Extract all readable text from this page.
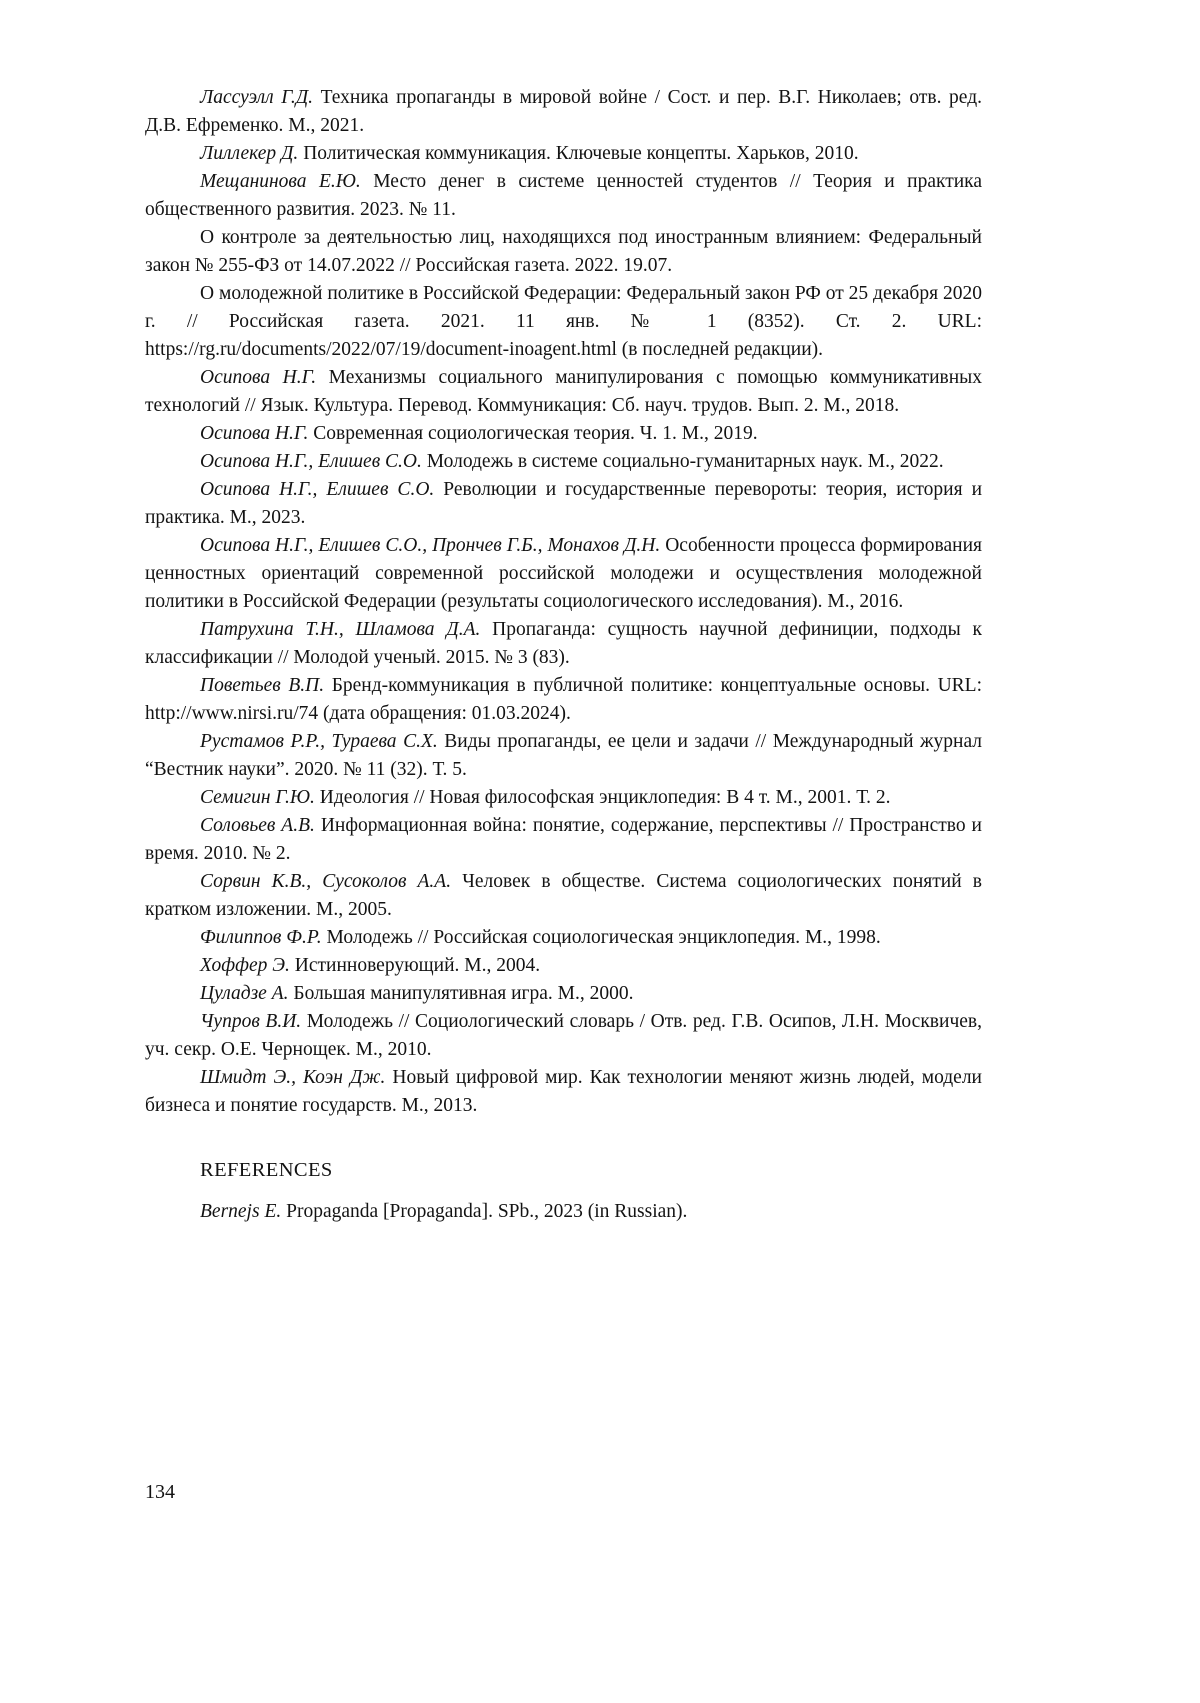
Лассуэлл Г.Д. Техника пропаганды в мировой войне / Сост. и пер. В.Г. Николаев; отв. ред. Д.В. Ефременко. М., 2021.

Лиллекер Д. Политическая коммуникация. Ключевые концепты. Харьков, 2010.

Мещанинова Е.Ю. Место денег в системе ценностей студентов // Теория и практика общественного развития. 2023. № 11.

О контроле за деятельностью лиц, находящихся под иностранным влиянием: Федеральный закон № 255-ФЗ от 14.07.2022 // Российская газета. 2022. 19.07.

О молодежной политике в Российской Федерации: Федеральный закон РФ от 25 декабря 2020 г. // Российская газета. 2021. 11 янв. № 1 (8352). Ст. 2. URL: https://rg.ru/documents/2022/07/19/document-inoagent.html (в последней редакции).

Осипова Н.Г. Механизмы социального манипулирования с помощью коммуникативных технологий // Язык. Культура. Перевод. Коммуникация: Сб. науч. трудов. Вып. 2. М., 2018.

Осипова Н.Г. Современная социологическая теория. Ч. 1. М., 2019.

Осипова Н.Г., Елишев С.О. Молодежь в системе социально-гуманитарных наук. М., 2022.

Осипова Н.Г., Елишев С.О. Революции и государственные перевороты: теория, история и практика. М., 2023.

Осипова Н.Г., Елишев С.О., Прончев Г.Б., Монахов Д.Н. Особенности процесса формирования ценностных ориентаций современной российской молодежи и осуществления молодежной политики в Российской Федерации (результаты социологического исследования). М., 2016.

Патрухина Т.Н., Шламова Д.А. Пропаганда: сущность научной дефиниции, подходы к классификации // Молодой ученый. 2015. № 3 (83).

Поветьев В.П. Бренд-коммуникация в публичной политике: концептуальные основы. URL: http://www.nirsi.ru/74 (дата обращения: 01.03.2024).

Рустамов Р.Р., Тураева С.Х. Виды пропаганды, ее цели и задачи // Международный журнал “Вестник науки”. 2020. № 11 (32). Т. 5.

Семигин Г.Ю. Идеология // Новая философская энциклопедия: В 4 т. М., 2001. Т. 2.

Соловьев А.В. Информационная война: понятие, содержание, перспективы // Пространство и время. 2010. № 2.

Сорвин К.В., Сусоколов А.А. Человек в обществе. Система социологических понятий в кратком изложении. М., 2005.

Филиппов Ф.Р. Молодежь // Российская социологическая энциклопедия. М., 1998.

Хоффер Э. Истинноверующий. М., 2004.

Цуладзе А. Большая манипулятивная игра. М., 2000.

Чупров В.И. Молодежь // Социологический словарь / Отв. ред. Г.В. Осипов, Л.Н. Москвичев, уч. секр. О.Е. Чернощек. М., 2010.

Шмидт Э., Коэн Дж. Новый цифровой мир. Как технологии меняют жизнь людей, модели бизнеса и понятие государств. М., 2013.

REFERENCES

Bernejs E. Propaganda [Propaganda]. SPb., 2023 (in Russian).

134
